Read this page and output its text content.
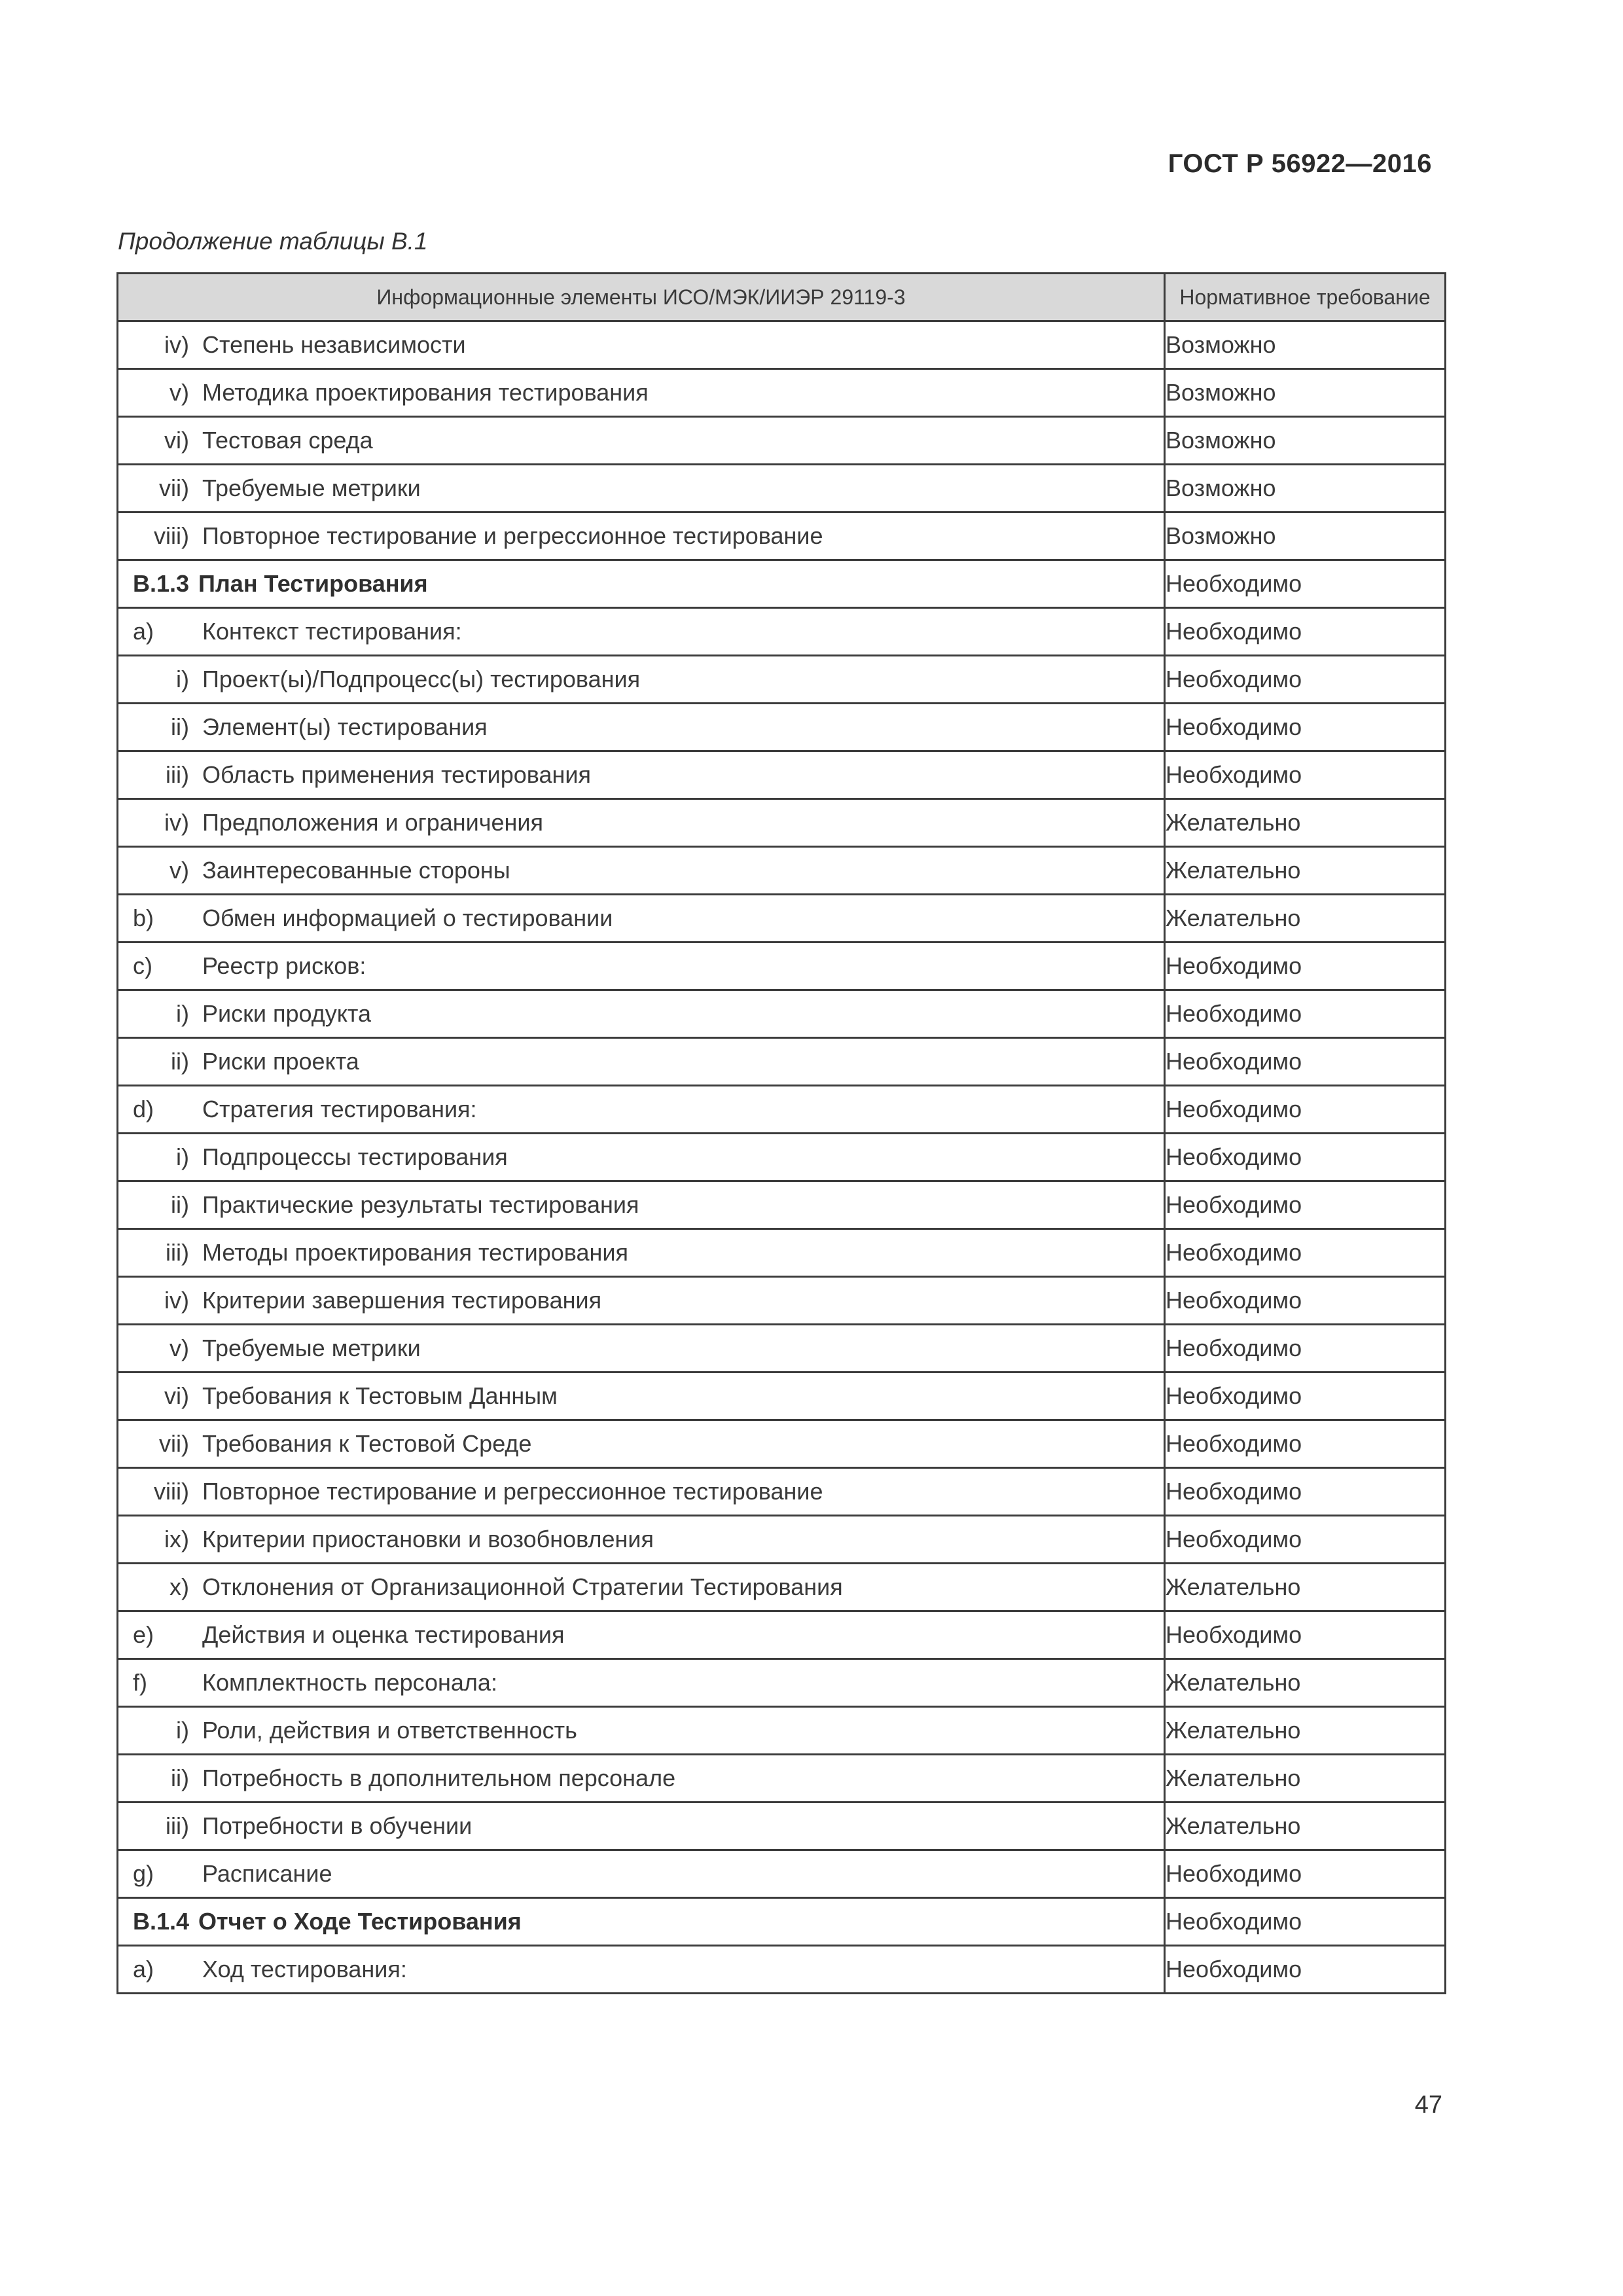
ГОСТ Р 56922—2016
Продолжение таблицы В.1
Информационные элементы ИСО/МЭК/ИИЭР 29119-3	Нормативное требование

iv) Степень независимости	Возможно

v) Методика проектирования тестирования	Возможно

vi) Тестовая среда	Возможно

vii) Требуемые метрики	Возможно

viii) Повторное тестирование и регрессионное тестирование	Возможно

В.1.3 План Тестирования	Необходимо

a) Контекст тестирования:	Необходимо

i) Проект(ы)/Подпроцесс(ы) тестирования	Необходимо

ii) Элемент(ы) тестирования	Необходимо

iii) Область применения тестирования	Необходимо

iv) Предположения и ограничения	Желательно

v) Заинтересованные стороны	Желательно

b) Обмен информацией о тестировании	Желательно

c) Реестр рисков:	Необходимо

i) Риски продукта	Необходимо

ii) Риски проекта	Необходимо

d) Стратегия тестирования:	Необходимо

i) Подпроцессы тестирования	Необходимо

ii) Практические результаты тестирования	Необходимо

iii) Методы проектирования тестирования	Необходимо

iv) Критерии завершения тестирования	Необходимо

v) Требуемые метрики	Необходимо

vi) Требования к Тестовым Данным	Необходимо

vii) Требования к Тестовой Среде	Необходимо

viii) Повторное тестирование и регрессионное тестирование	Необходимо

ix) Критерии приостановки и возобновления	Необходимо

x) Отклонения от Организационной Стратегии Тестирования	Желательно

e) Действия и оценка тестирования	Необходимо

f) Комплектность персонала:	Желательно

i) Роли, действия и ответственность	Желательно

ii) Потребность в дополнительном персонале	Желательно

iii) Потребности в обучении	Желательно

g) Расписание	Необходимо

В.1.4 Отчет о Ходе Тестирования	Необходимо

a) Ход тестирования:	Необходимо
47
